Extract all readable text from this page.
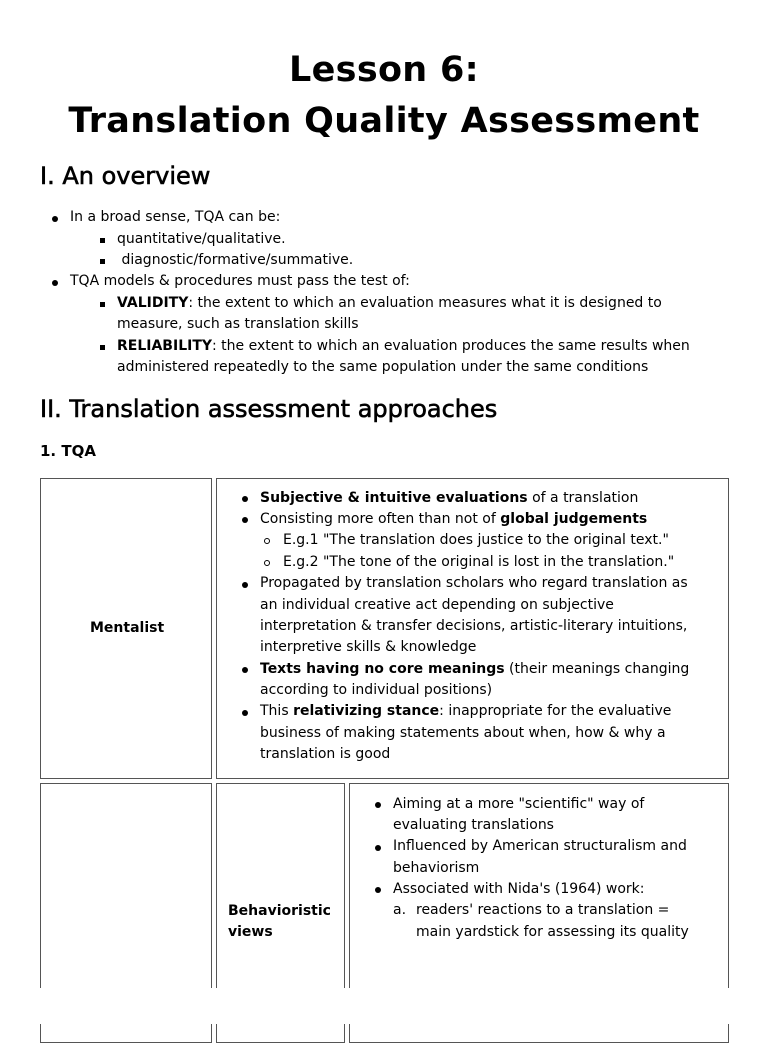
Lesson 6:
Translation Quality Assessment
I. An overview
In a broad sense, TQA can be:
quantitative/qualitative.
diagnostic/formative/summative.
TQA models & procedures must pass the test of:
VALIDITY: the extent to which an evaluation measures what it is designed to
measure, such as translation skills
RELIABILITY: the extent to which an evaluation produces the same results when
administered repeatedly to the same population under the same conditions
II. Translation assessment approaches
1. TQA
Mentalist
Subjective & intuitive evaluations of a translation
Consisting more often than not of global judgements
E.g.1 "The translation does justice to the original text."
E.g.2 "The tone of the original is lost in the translation."
Propagated by translation scholars who regard translation as
an individual creative act depending on subjective
interpretation & transfer decisions, artistic-literary intuitions,
interpretive skills & knowledge
Texts having no core meanings (their meanings changing
according to individual positions)
This relativizing stance: inappropriate for the evaluative
business of making statements about when, how & why a
translation is good
Behavioristic
views
Aiming at a more "scientific" way of
evaluating translations
Influenced by American structuralism and
behaviorism
Associated with Nida's (1964) work:
a. readers' reactions to a translation =
main yardstick for assessing its quality
